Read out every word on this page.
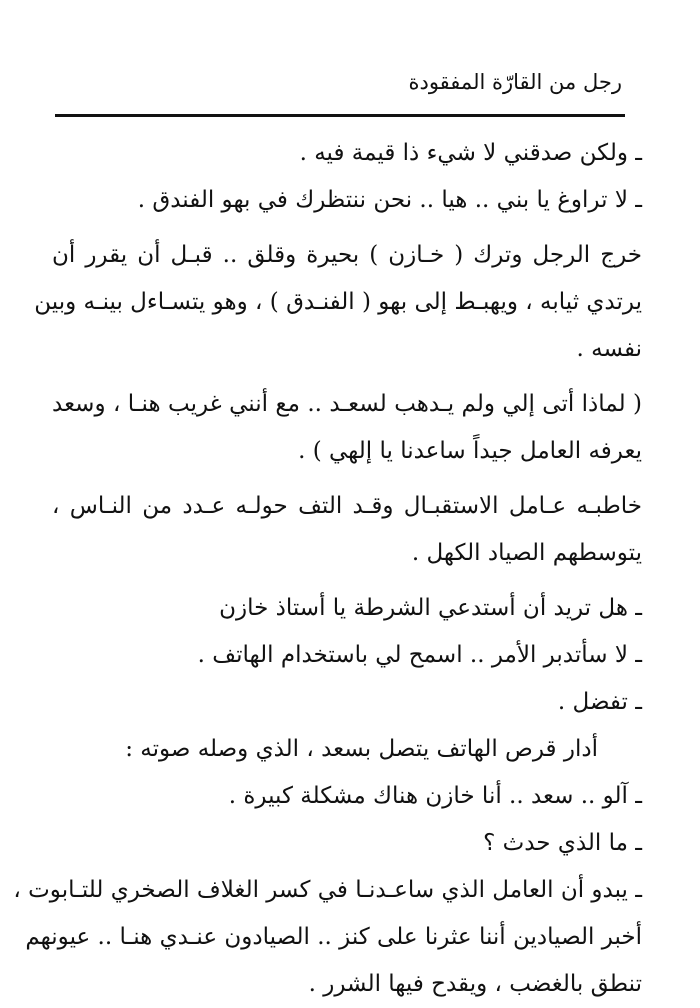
رجل من القارّة المفقودة
ـ ولكن صدقني لا شيء ذا قيمة فيه .
ـ لا تراوغ يا بني .. هيا .. نحن ننتظرك في بهو الفندق .
خرج الرجل وترك ( خـازن ) بحيرة وقلق .. قبـل أن يقرر أن
يرتدي ثيابه ، ويهبـط إلى بهو ( الفنـدق ) ، وهو يتسـاءل بينـه وبين
نفسه .
( لماذا أتى إلي ولم يـدهب لسعـد .. مع أنني غريب هنـا ، وسعد
يعرفه العامل جيداً ساعدنا يا إلهي ) .
خاطبـه عـامل الاستقبـال وقـد التف حولـه عـدد من النـاس ،
يتوسطهم الصياد الكهل .
ـ هل تريد أن أستدعي الشرطة يا أستاذ خازن
ـ لا سأتدبر الأمر .. اسمح لي باستخدام الهاتف .
ـ تفضل .
أدار قرص الهاتف يتصل بسعد ، الذي وصله صوته :
ـ آلو .. سعد .. أنا خازن هناك مشكلة كبيرة .
ـ ما الذي حدث ؟
ـ يبدو أن العامل الذي ساعـدنـا في كسر الغلاف الصخري للتـابوت ،
أخبر الصيادين أننا عثرنا على كنز .. الصيادون عنـدي هنـا .. عيونهم
تنطق بالغضب ، ويقدح فيها الشرر .
